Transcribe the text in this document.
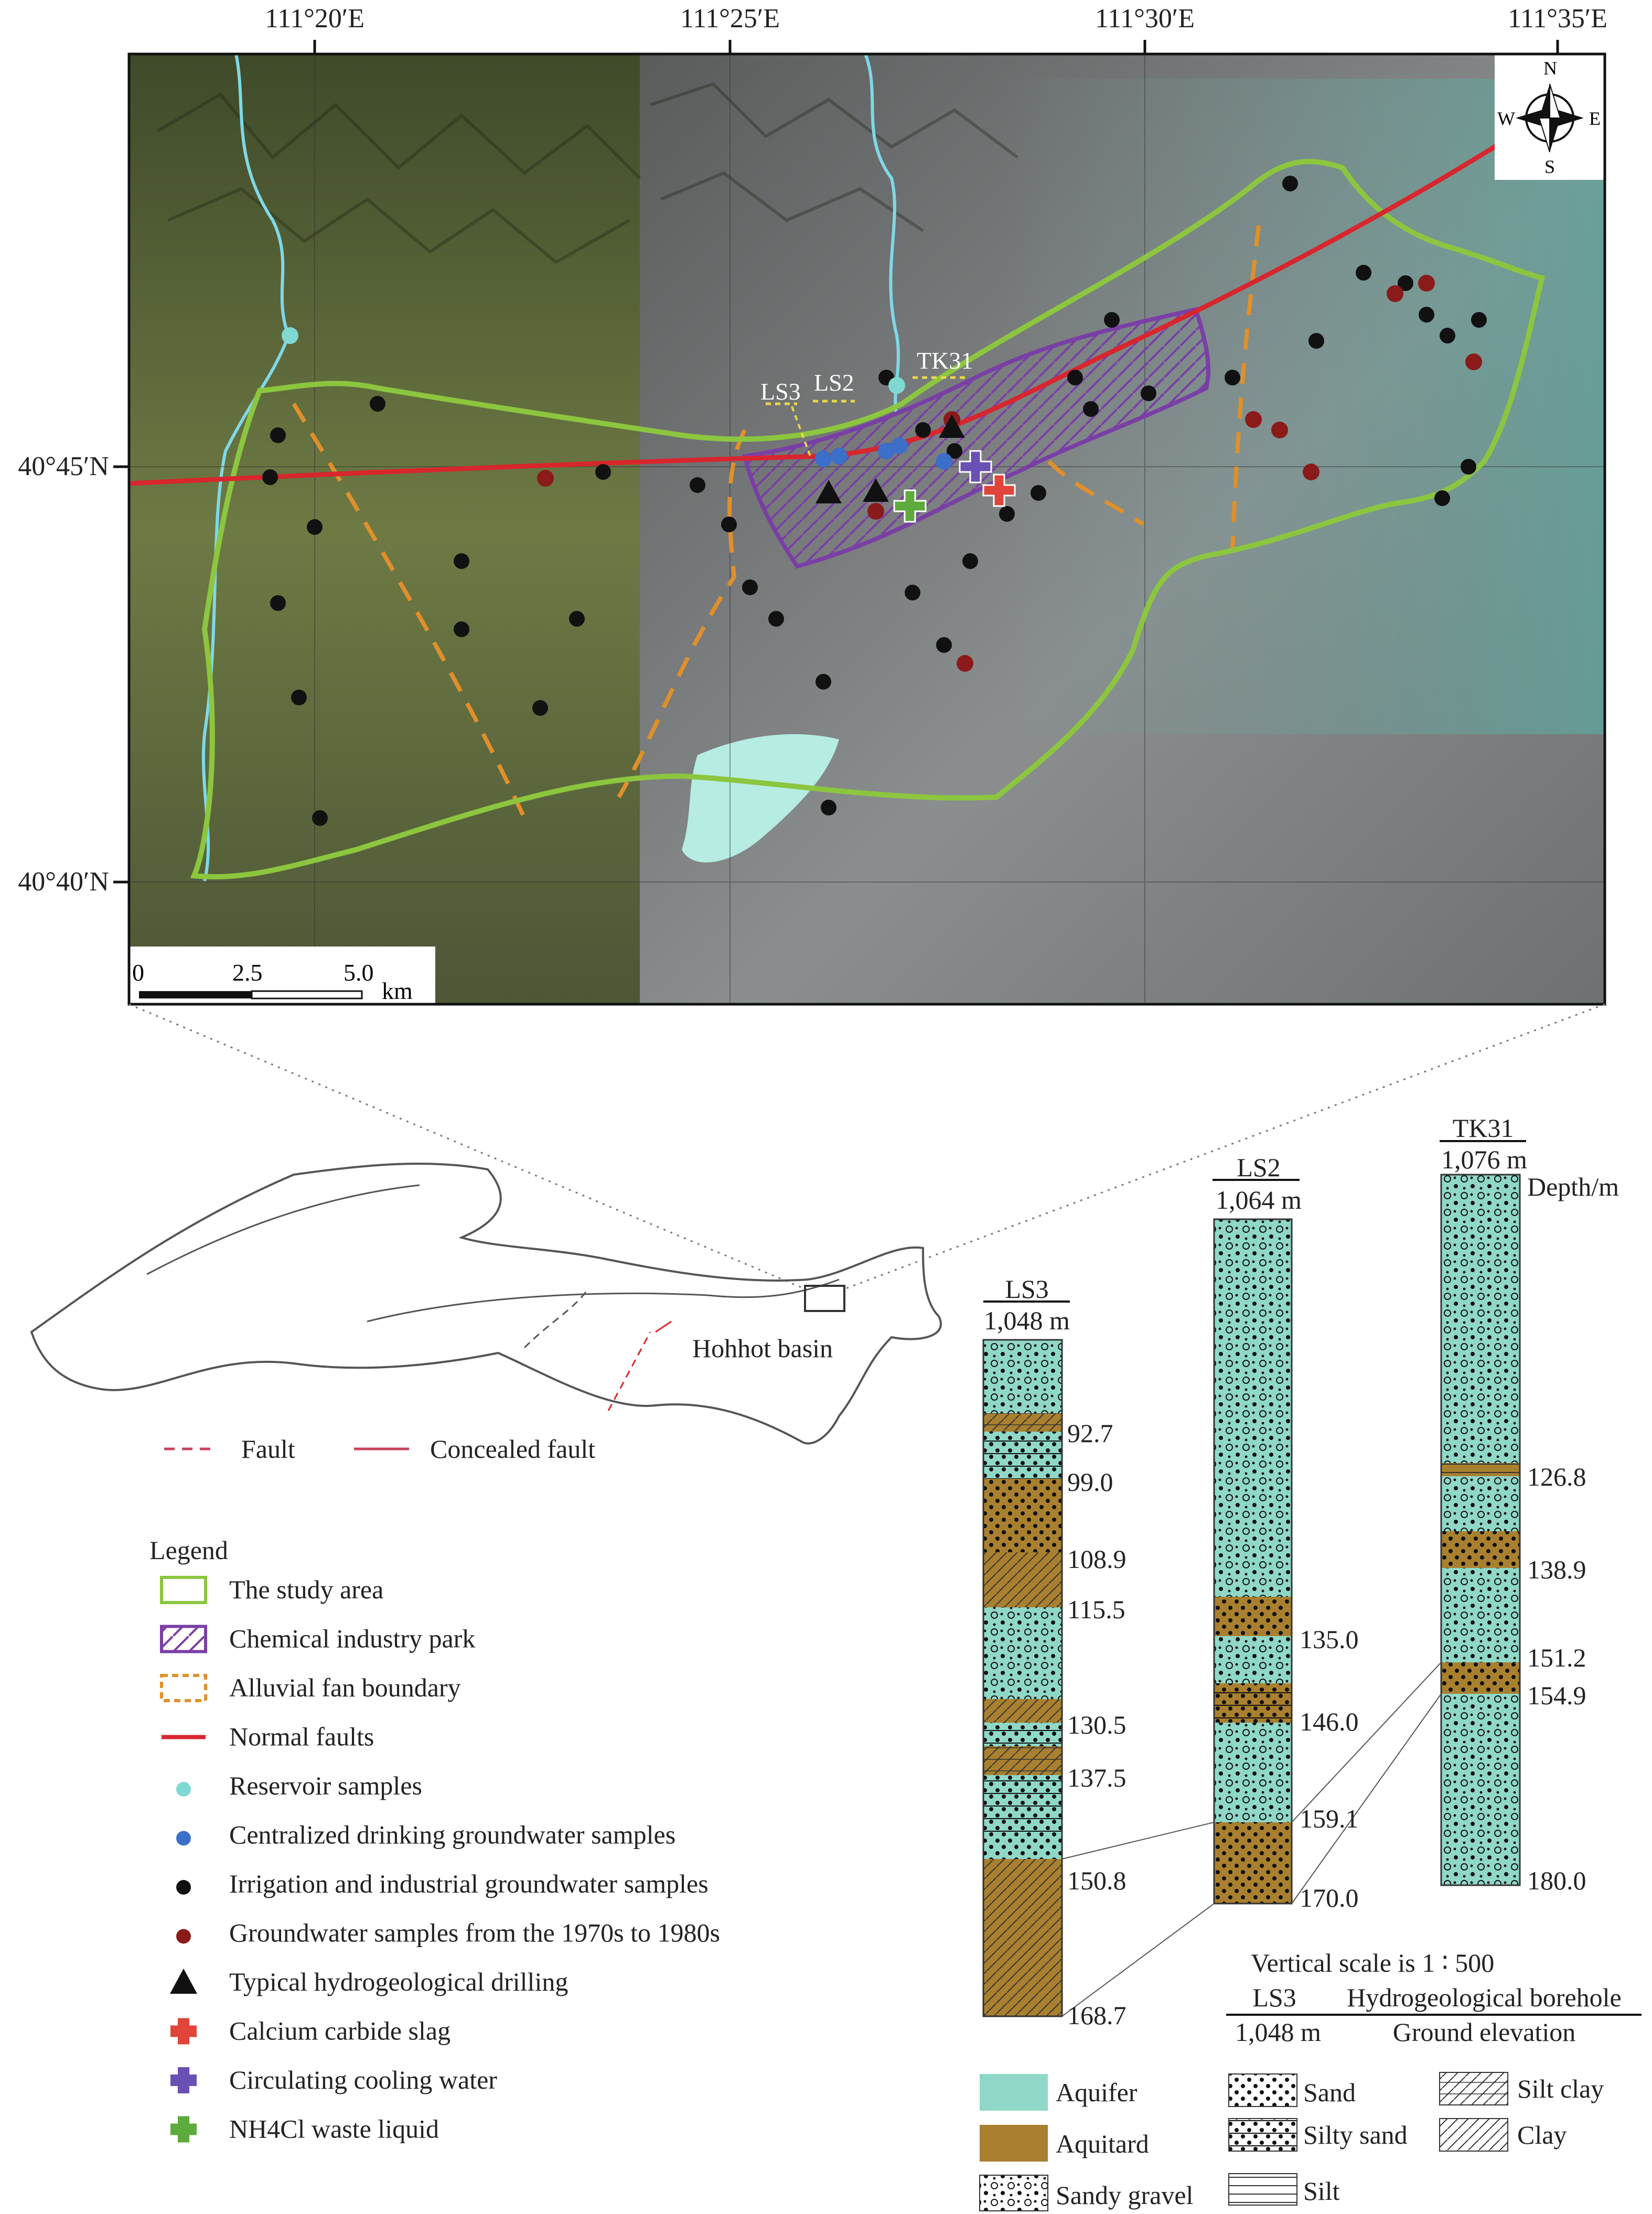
LS3 LS2
TK31
N
S
E
W
0	2.5	5.0
km
111°20′E	111°25′E	111°30′E	111°35′E
40°45′N
40°40′N
Hohhot basin
Fault	Concealed fault
Legend
The study area
Chemical industry park
Alluvial fan boundary
Normal faults
Reservoir samples
Centralized drinking groundwater samples
Irrigation and industrial groundwater samples
Groundwater samples from the 1970s to 1980s
Typical hydrogeological drilling
Calcium carbide slag
Circulating cooling water
NH4Cl waste liquid
LS3
1,048 m
LS2
1,064 m
TK31
1,076 m
Depth/m
92.7
99.0
108.9
115.5
130.5
137.5
150.8
168.7
135.0
146.0
159.1
170.0
126.8
138.9
151.2
154.9
180.0
Vertical scale is 1 ∶ 500
LS3
1,048 m
Hydrogeological borehole
Ground elevation
Aquifer
Aquitard
Sandy gravel
Sand
Silty sand
Silt
Silt clay
Clay
